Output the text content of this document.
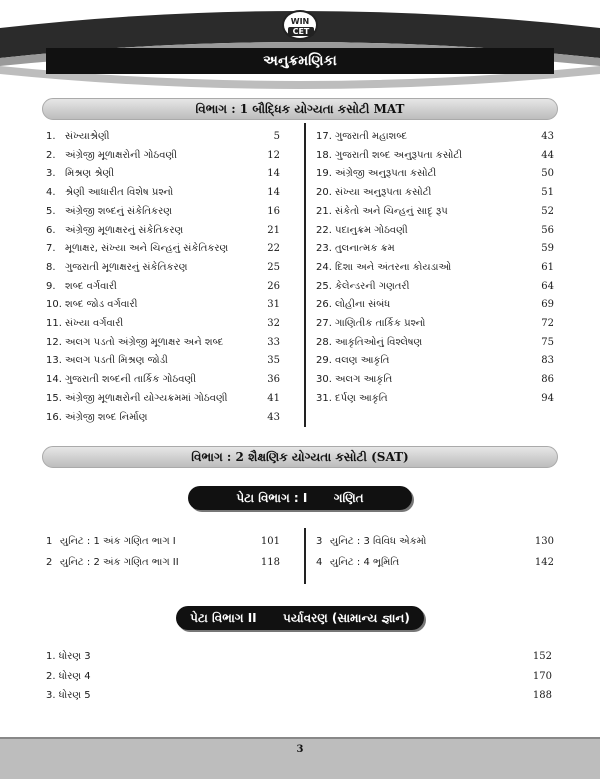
WIN
CET
અનુક્રમણિકા
વિભાગ : 1 બૌદ્ધિક યોગ્યતા કસોટી MAT
1. સંખ્યાશ્રેણી	5
2. અંગ્રેજી મૂળાક્ષરોની ગોઠવણી	12
3. મિશ્રણ શ્રેણી	14
4. શ્રેણી આધારીત વિશેષ પ્રશ્નો	14
5. અંગ્રેજી શબ્દનું સંકેતિકરણ	16
6. અંગ્રેજી મૂળાક્ષરનું સંકેતિકરણ	21
7. મૂળાક્ષર, સંખ્યા અને ચિન્હનું સંકેતિકરણ	22
8. ગુજરાતી મૂળાક્ષરનું સંકેતિકરણ	25
9. શબ્દ વર્ગવારી	26
10. શબ્દ જોડ વર્ગવારી	31
11. સંખ્યા વર્ગવારી	32
12. અલગ પડતો અંગ્રેજી મૂળાક્ષર અને શબ્દ	33
13. અલગ પડતી મિશ્રણ જોડી	35
14. ગુજરાતી શબ્દની તાર્કિક ગોઠવણી	36
15. અંગ્રેજી મૂળાક્ષરોની યોગ્યક્રમમાં ગોઠવણી	41
16. અંગ્રેજી શબ્દ નિર્માણ	43
17. ગુજરાતી મહાશબ્દ	43
18. ગુજરાતી શબ્દ અનુરૂપતા કસોટી	44
19. અંગ્રેજી અનુરૂપતા કસોટી	50
20. સંખ્યા અનુરૂપતા કસોટી	51
21. સંકેતો અને ચિન્હનું સાદૃ રૂપ	52
22. પદાનુક્રમ ગોઠવણી	56
23. તુલનાત્મક ક્રમ	59
24. દિશા અને અંતરના કોયડાઓ	61
25. કેલેન્ડરની ગણતરી	64
26. લોહીના સંબંધ	69
27. ગાણિતીક તાર્કિક પ્રશ્નો	72
28. આકૃતિઓનું વિશ્લેષણ	75
29. વલણ આકૃતિ	83
30. અલગ આકૃતિ	86
31. દર્પણ આકૃતિ	94
વિભાગ : 2 શૈક્ષણિક યોગ્યતા કસોટી (SAT)
પેટા વિભાગ : I ગણિત
1 યુનિટ : 1 અંક ગણિત ભાગ I	101
2 યુનિટ : 2 અંક ગણિત ભાગ II	118
3 યુનિટ : 3 વિવિધ એકમો	130
4 યુનિટ : 4 ભૂમિતિ	142
પેટા વિભાગ II પર્યાવરણ (સામાન્ય જ્ઞાન)
1. ધોરણ 3	152
2. ધોરણ 4	170
3. ધોરણ 5	188
3
